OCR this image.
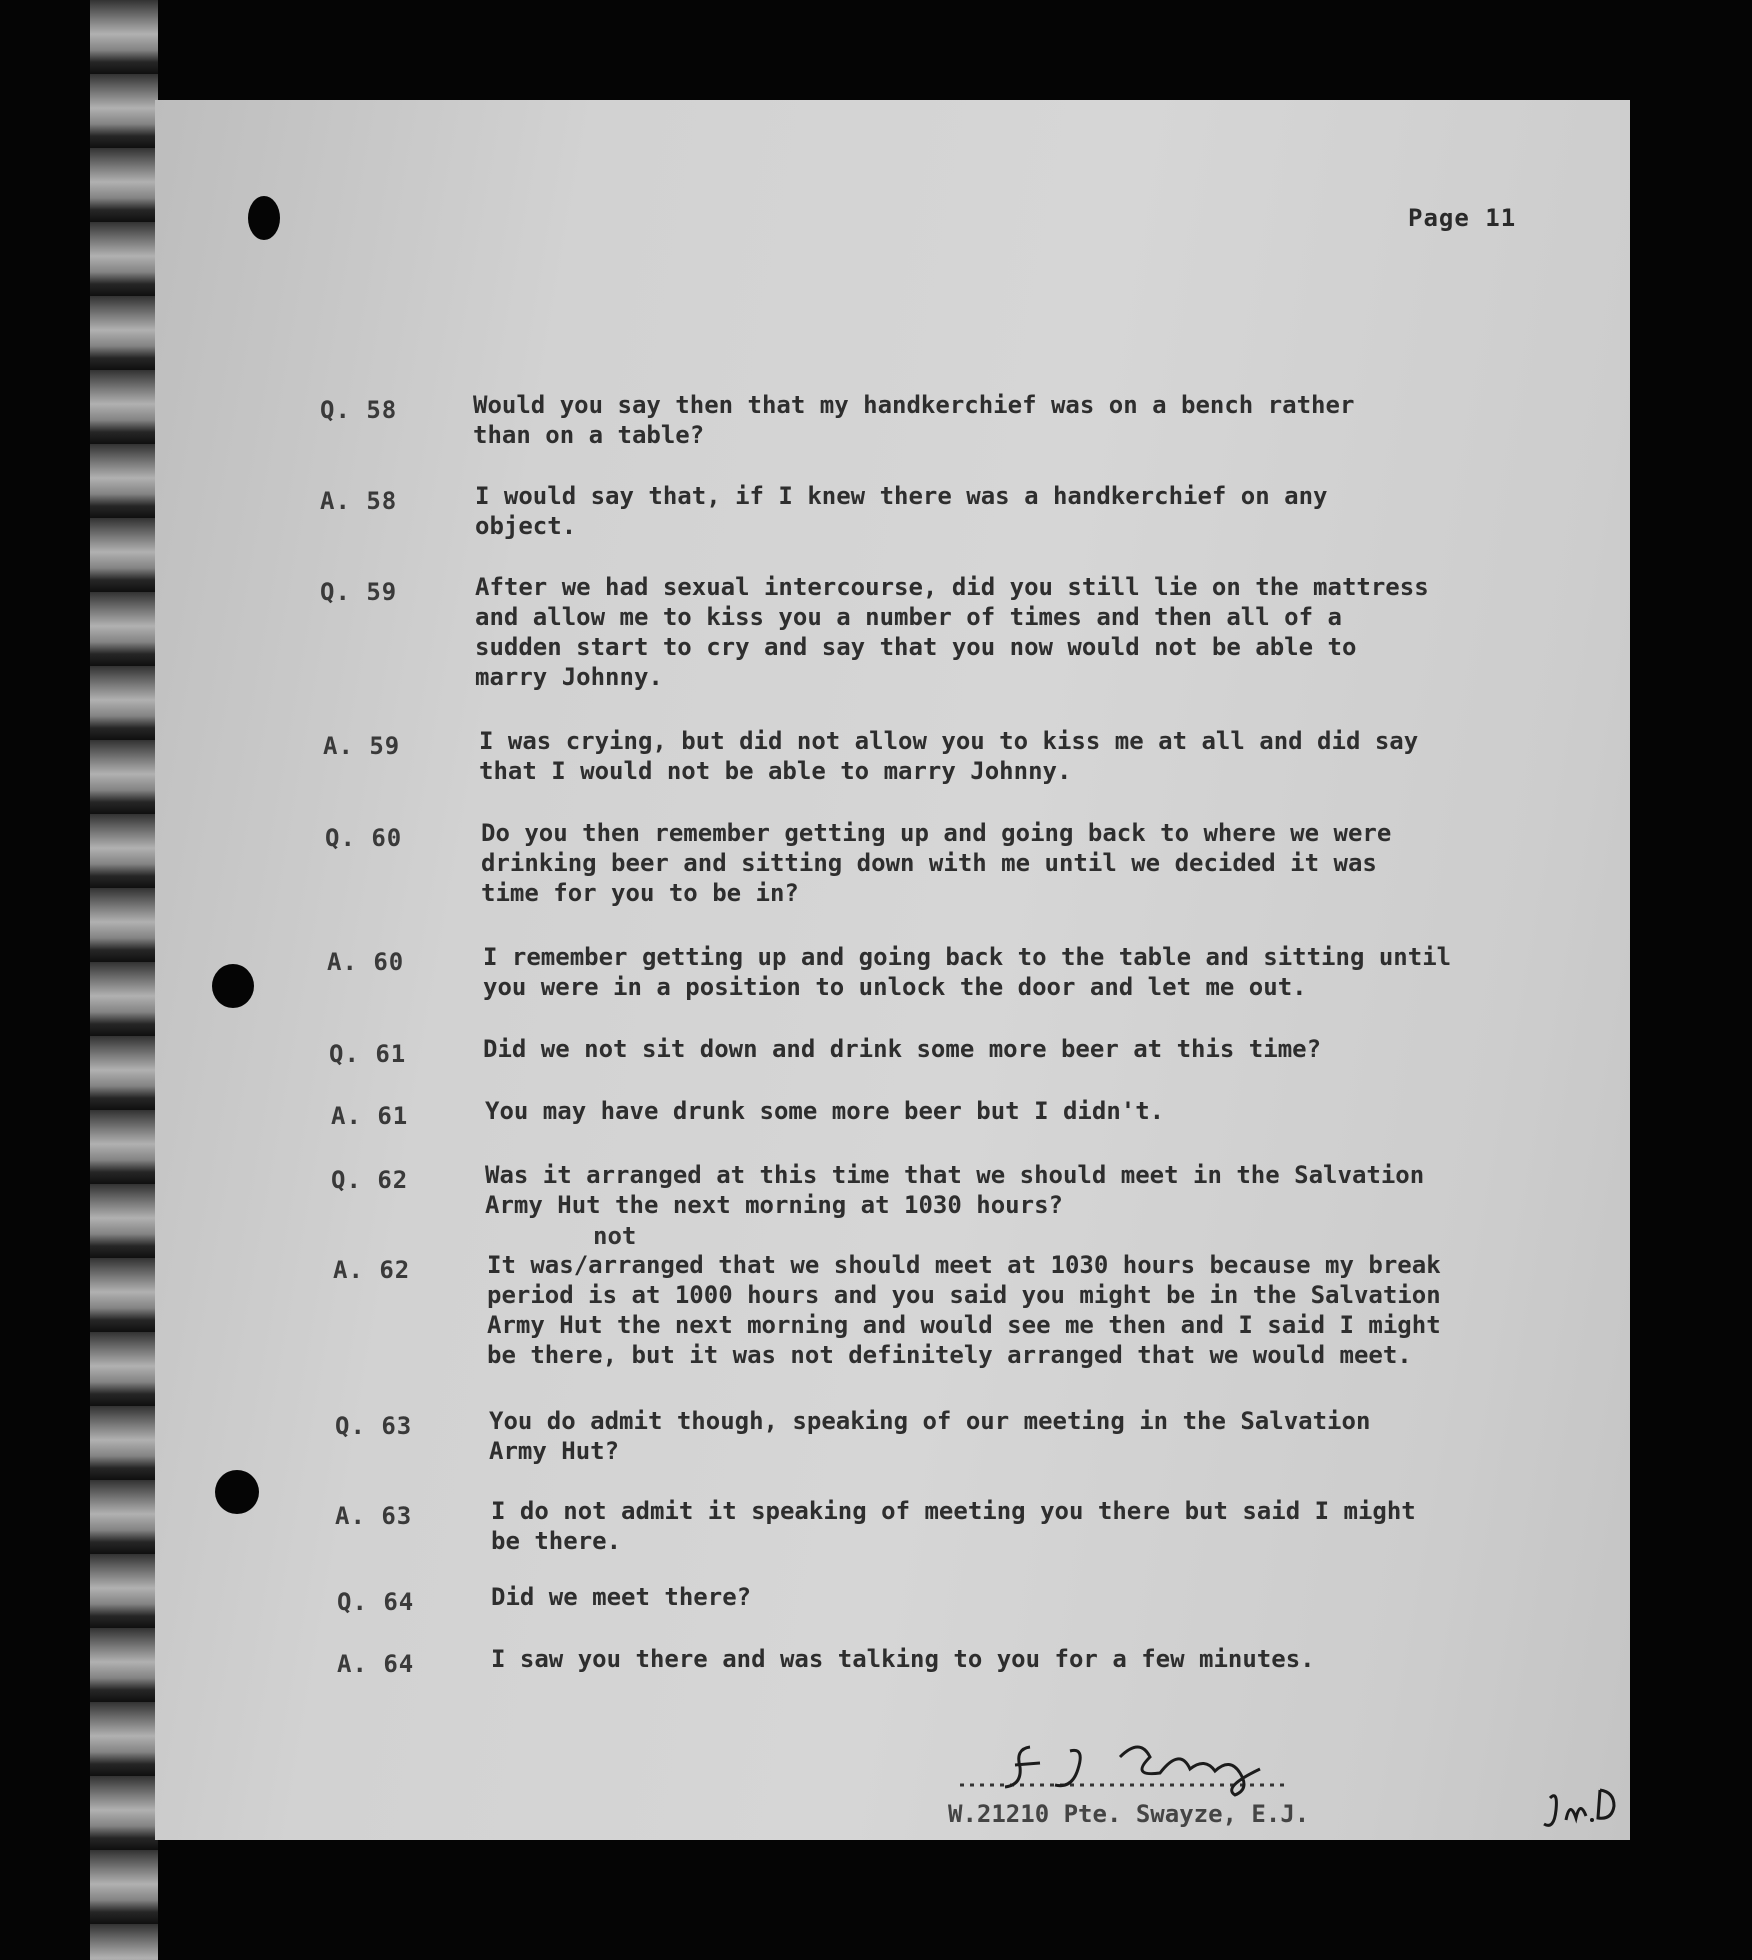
Page 11
Q. 58	Would you say then that my handkerchief was on a bench rather
than on a table?
A. 58	I would say that, if I knew there was a handkerchief on any
object.
Q. 59	After we had sexual intercourse, did you still lie on the mattress
and allow me to kiss you a number of times and then all of a
sudden start to cry and say that you now would not be able to
marry Johnny.
A. 59	I was crying, but did not allow you to kiss me at all and did say
that I would not be able to marry Johnny.
Q. 60	Do you then remember getting up and going back to where we were
drinking beer and sitting down with me until we decided it was
time for you to be in?
A. 60	I remember getting up and going back to the table and sitting until
you were in a position to unlock the door and let me out.
Q. 61	Did we not sit down and drink some more beer at this time?
A. 61	You may have drunk some more beer but I didn't.
Q. 62	Was it arranged at this time that we should meet in the Salvation
Army Hut the next morning at 1030 hours?
not
A. 62	It was/arranged that we should meet at 1030 hours because my break
period is at 1000 hours and you said you might be in the Salvation
Army Hut the next morning and would see me then and I said I might
be there, but it was not definitely arranged that we would meet.
Q. 63	You do admit though, speaking of our meeting in the Salvation
Army Hut?
A. 63	I do not admit it speaking of meeting you there but said I might
be there.
Q. 64	Did we meet there?
A. 64	I saw you there and was talking to you for a few minutes.
W.21210 Pte. Swayze, E.J.
